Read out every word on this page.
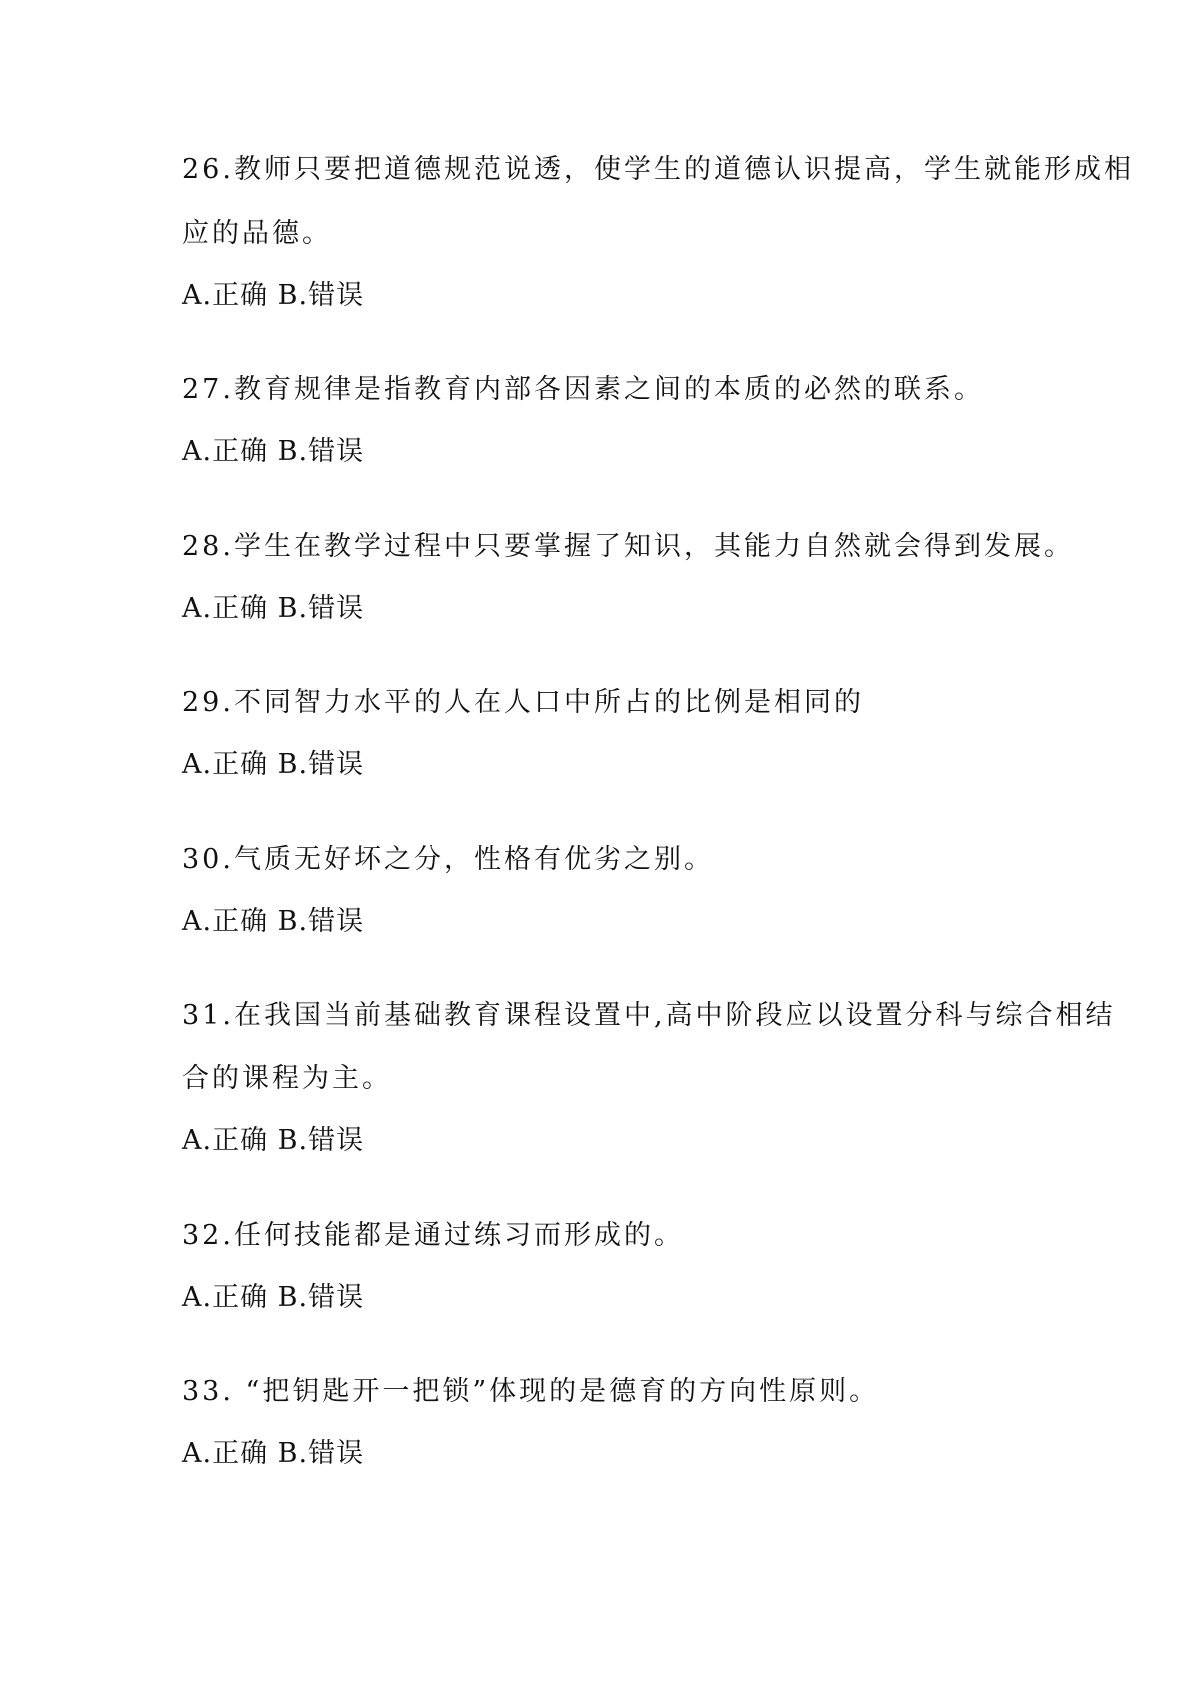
26.教师只要把道德规范说透，使学生的道德认识提高，学生就能形成相
应的品德。
A.正确 B.错误
27.教育规律是指教育内部各因素之间的本质的必然的联系。
A.正确 B.错误
28.学生在教学过程中只要掌握了知识，其能力自然就会得到发展。
A.正确 B.错误
29.不同智力水平的人在人口中所占的比例是相同的
A.正确 B.错误
30.气质无好坏之分，性格有优劣之别。
A.正确 B.错误
31.在我国当前基础教育课程设置中,高中阶段应以设置分科与综合相结
合的课程为主。
A.正确 B.错误
32.任何技能都是通过练习而形成的。
A.正确 B.错误
33. “把钥匙开一把锁”体现的是德育的方向性原则。
A.正确 B.错误
